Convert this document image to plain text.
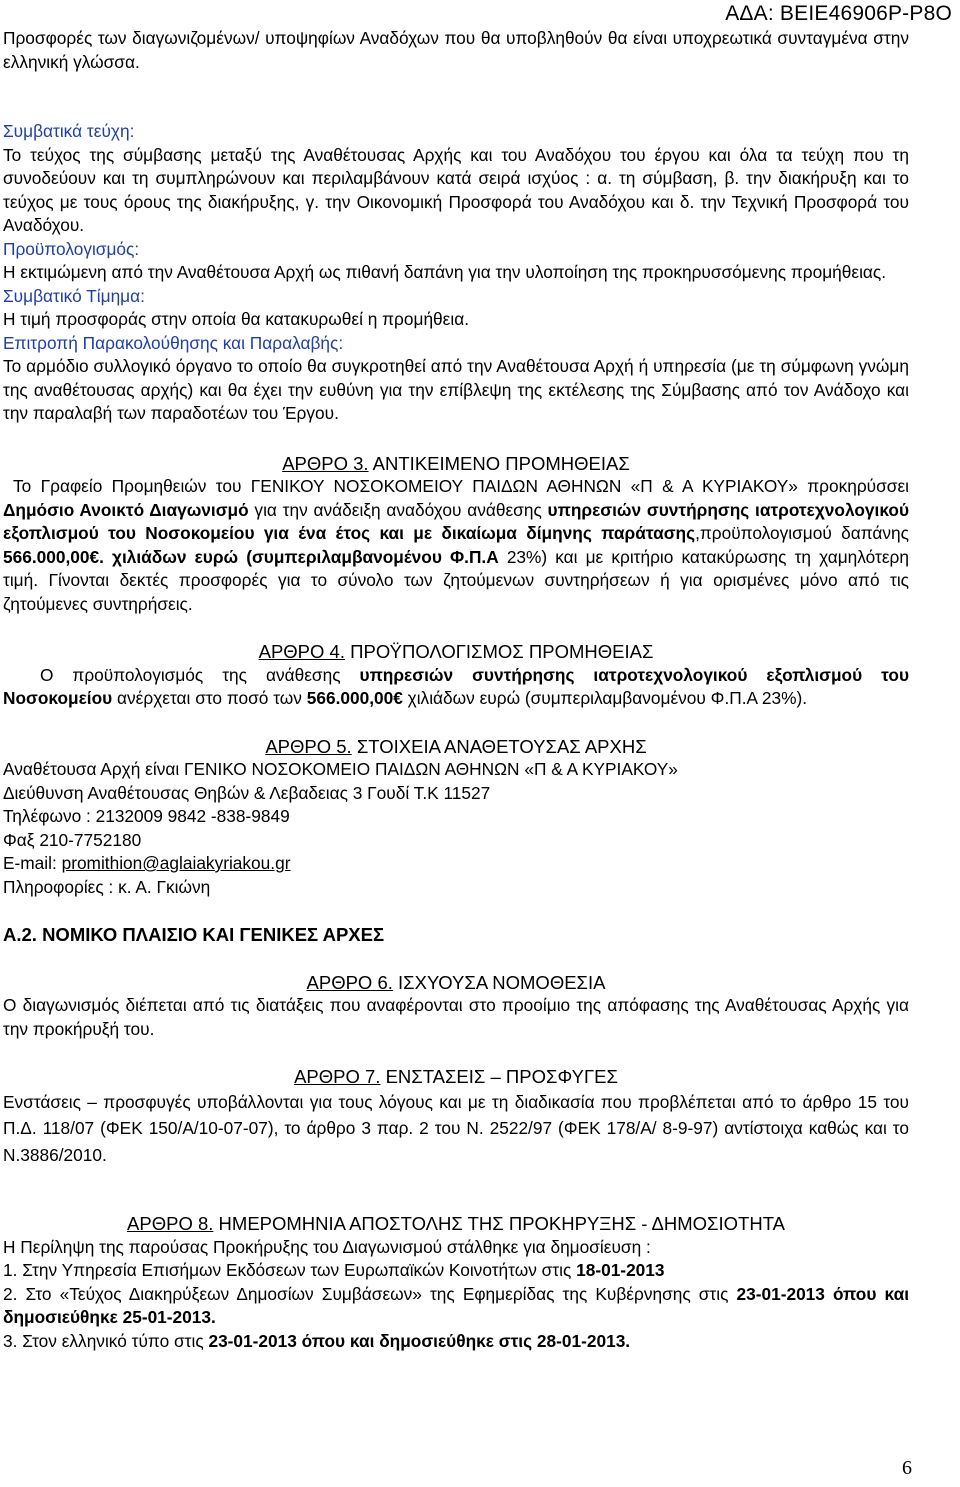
ΑΔΑ: ΒΕΙΕ46906Ρ-Ρ8Ο

Προσφορές των διαγωνιζομένων/ υποψηφίων Αναδόχων που θα υποβληθούν θα είναι υποχρεωτικά συνταγμένα στην ελληνική γλώσσα.

Συμβατικά τεύχη:

Το τεύχος της σύμβασης μεταξύ της Αναθέτουσας Αρχής και του Αναδόχου του έργου και όλα τα τεύχη που τη συνοδεύουν και τη συμπληρώνουν και περιλαμβάνουν κατά σειρά ισχύος : α. τη σύμβαση, β. την διακήρυξη και το τεύχος με τους όρους της διακήρυξης, γ. την Οικονομική Προσφορά του Αναδόχου και δ. την Τεχνική Προσφορά του Αναδόχου.

Προϋπολογισμός:

Η εκτιμώμενη από την Αναθέτουσα Αρχή ως πιθανή δαπάνη για την υλοποίηση της προκηρυσσόμενης προμήθειας.

Συμβατικό Τίμημα:

Η τιμή προσφοράς στην οποία θα κατακυρωθεί η προμήθεια.

Επιτροπή Παρακολούθησης και Παραλαβής:

Το αρμόδιο συλλογικό όργανο το οποίο θα συγκροτηθεί από την Αναθέτουσα Αρχή ή υπηρεσία (με τη σύμφωνη γνώμη της αναθέτουσας αρχής) και θα έχει την ευθύνη για την επίβλεψη της εκτέλεσης της Σύμβασης από τον Ανάδοχο και την παραλαβή των παραδοτέων του Έργου.

ΑΡΘΡΟ 3. ΑΝΤΙΚΕΙΜΕΝΟ ΠΡΟΜΗΘΕΙΑΣ

Το Γραφείο Προμηθειών του ΓΕΝΙΚΟΥ ΝΟΣΟΚΟΜΕΙΟΥ ΠΑΙΔΩΝ ΑΘΗΝΩΝ «Π & Α ΚΥΡΙΑΚΟΥ» προκηρύσσει Δημόσιο Ανοικτό Διαγωνισμό για την ανάδειξη αναδόχου ανάθεσης υπηρεσιών συντήρησης ιατροτεχνολογικού εξοπλισμού του Νοσοκομείου για ένα έτος και με δικαίωμα δίμηνης παράτασης,προϋπολογισμού δαπάνης 566.000,00€. χιλιάδων ευρώ (συμπεριλαμβανομένου Φ.Π.Α 23%) και με κριτήριο κατακύρωσης τη χαμηλότερη τιμή. Γίνονται δεκτές προσφορές για το σύνολο των ζητούμενων συντηρήσεων ή για ορισμένες μόνο από τις ζητούμενες συντηρήσεις.

ΑΡΘΡΟ 4. ΠΡΟΫΠΟΛΟΓΙΣΜΟΣ ΠΡΟΜΗΘΕΙΑΣ

Ο προϋπολογισμός της ανάθεσης υπηρεσιών συντήρησης ιατροτεχνολογικού εξοπλισμού του Νοσοκομείου ανέρχεται στο ποσό των 566.000,00€ χιλιάδων ευρώ (συμπεριλαμβανομένου Φ.Π.Α 23%).

ΑΡΘΡΟ 5. ΣΤΟΙΧΕΙΑ ΑΝΑΘΕΤΟΥΣΑΣ ΑΡΧΗΣ

Αναθέτουσα Αρχή είναι ΓΕΝΙΚΟ ΝΟΣΟΚΟΜΕΙΟ ΠΑΙΔΩΝ ΑΘΗΝΩΝ «Π & Α ΚΥΡΙΑΚΟΥ»

Διεύθυνση Αναθέτουσας Θηβών & Λεβαδειας 3 Γουδί Τ.Κ 11527

Τηλέφωνο : 2132009 9842 -838-9849

Φαξ 210-7752180

E-mail: promithion@aglaiakyriakou.gr

Πληροφορίες : κ. Α. Γκιώνη

Α.2. ΝΟΜΙΚΟ ΠΛΑΙΣΙΟ ΚΑΙ ΓΕΝΙΚΕΣ ΑΡΧΕΣ

ΑΡΘΡΟ 6. ΙΣΧΥΟΥΣΑ ΝΟΜΟΘΕΣΙΑ

Ο διαγωνισμός διέπεται από τις διατάξεις που αναφέρονται στο προοίμιο της απόφασης της Αναθέτουσας Αρχής για την προκήρυξή του.

ΑΡΘΡΟ 7. ΕΝΣΤΑΣΕΙΣ – ΠΡΟΣΦΥΓΕΣ

Ενστάσεις – προσφυγές υποβάλλονται για τους λόγους και με τη διαδικασία που προβλέπεται από το άρθρο 15 του Π.Δ. 118/07 (ΦΕΚ 150/Α/10-07-07), το άρθρο 3 παρ. 2 του Ν. 2522/97 (ΦΕΚ 178/Α/ 8-9-97) αντίστοιχα καθώς και το Ν.3886/2010.

ΑΡΘΡΟ 8. ΗΜΕΡΟΜΗΝΙΑ ΑΠΟΣΤΟΛΗΣ ΤΗΣ ΠΡΟΚΗΡΥΞΗΣ - ΔΗΜΟΣΙΟΤΗΤΑ

Η Περίληψη της παρούσας Προκήρυξης του Διαγωνισμού στάλθηκε για δημοσίευση :

1. Στην Υπηρεσία Επισήμων Εκδόσεων των Ευρωπαϊκών Κοινοτήτων στις 18-01-2013

2. Στο «Τεύχος Διακηρύξεων Δημοσίων Συμβάσεων» της Εφημερίδας της Κυβέρνησης στις 23-01-2013 όπου και δημοσιεύθηκε 25-01-2013.

3. Στον ελληνικό τύπο στις 23-01-2013 όπου και δημοσιεύθηκε στις 28-01-2013.

6
